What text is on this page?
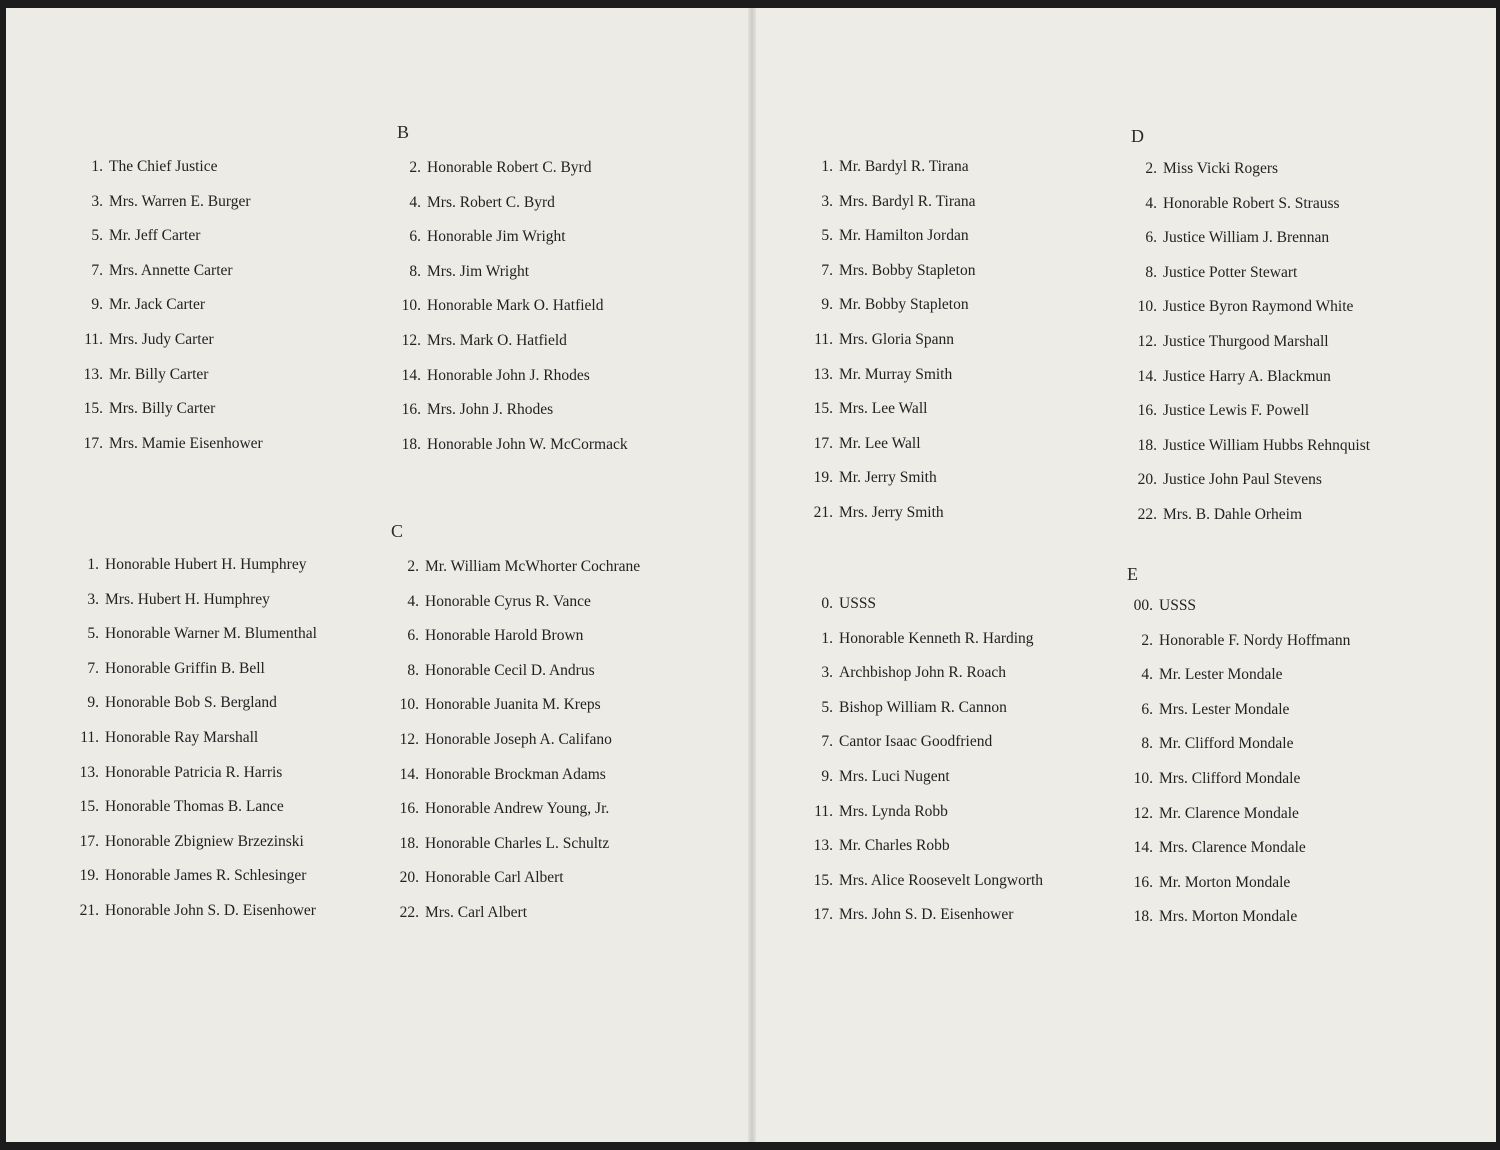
B
C
D
E
1. The Chief Justice
3. Mrs. Warren E. Burger
5. Mr. Jeff Carter
7. Mrs. Annette Carter
9. Mr. Jack Carter
11. Mrs. Judy Carter
13. Mr. Billy Carter
15. Mrs. Billy Carter
17. Mrs. Mamie Eisenhower
2. Honorable Robert C. Byrd
4. Mrs. Robert C. Byrd
6. Honorable Jim Wright
8. Mrs. Jim Wright
10. Honorable Mark O. Hatfield
12. Mrs. Mark O. Hatfield
14. Honorable John J. Rhodes
16. Mrs. John J. Rhodes
18. Honorable John W. McCormack
1. Honorable Hubert H. Humphrey
3. Mrs. Hubert H. Humphrey
5. Honorable Warner M. Blumenthal
7. Honorable Griffin B. Bell
9. Honorable Bob S. Bergland
11. Honorable Ray Marshall
13. Honorable Patricia R. Harris
15. Honorable Thomas B. Lance
17. Honorable Zbigniew Brzezinski
19. Honorable James R. Schlesinger
21. Honorable John S. D. Eisenhower
2. Mr. William McWhorter Cochrane
4. Honorable Cyrus R. Vance
6. Honorable Harold Brown
8. Honorable Cecil D. Andrus
10. Honorable Juanita M. Kreps
12. Honorable Joseph A. Califano
14. Honorable Brockman Adams
16. Honorable Andrew Young, Jr.
18. Honorable Charles L. Schultz
20. Honorable Carl Albert
22. Mrs. Carl Albert
1. Mr. Bardyl R. Tirana
3. Mrs. Bardyl R. Tirana
5. Mr. Hamilton Jordan
7. Mrs. Bobby Stapleton
9. Mr. Bobby Stapleton
11. Mrs. Gloria Spann
13. Mr. Murray Smith
15. Mrs. Lee Wall
17. Mr. Lee Wall
19. Mr. Jerry Smith
21. Mrs. Jerry Smith
2. Miss Vicki Rogers
4. Honorable Robert S. Strauss
6. Justice William J. Brennan
8. Justice Potter Stewart
10. Justice Byron Raymond White
12. Justice Thurgood Marshall
14. Justice Harry A. Blackmun
16. Justice Lewis F. Powell
18. Justice William Hubbs Rehnquist
20. Justice John Paul Stevens
22. Mrs. B. Dahle Orheim
0. USSS
1. Honorable Kenneth R. Harding
3. Archbishop John R. Roach
5. Bishop William R. Cannon
7. Cantor Isaac Goodfriend
9. Mrs. Luci Nugent
11. Mrs. Lynda Robb
13. Mr. Charles Robb
15. Mrs. Alice Roosevelt Longworth
17. Mrs. John S. D. Eisenhower
00. USSS
2. Honorable F. Nordy Hoffmann
4. Mr. Lester Mondale
6. Mrs. Lester Mondale
8. Mr. Clifford Mondale
10. Mrs. Clifford Mondale
12. Mr. Clarence Mondale
14. Mrs. Clarence Mondale
16. Mr. Morton Mondale
18. Mrs. Morton Mondale
